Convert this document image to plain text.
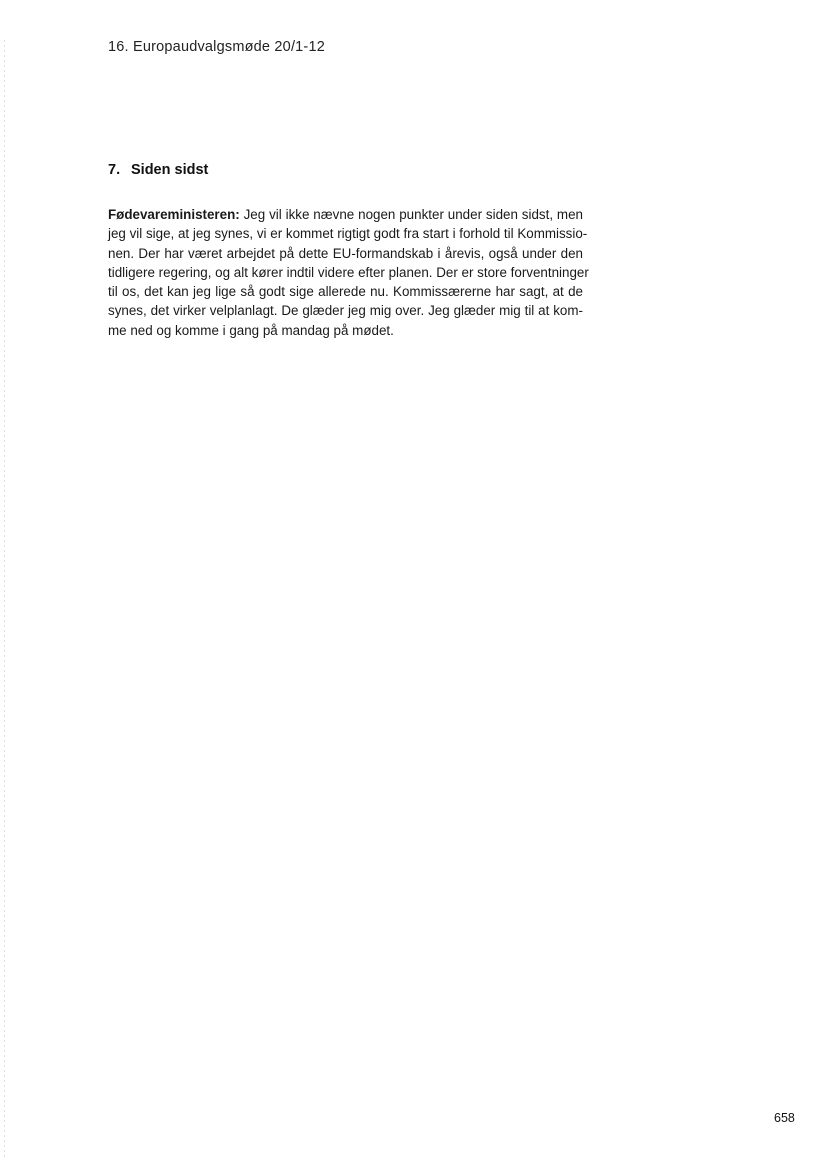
16. Europaudvalgsmøde 20/1-12
7. Siden sidst
Fødevareministeren: Jeg vil ikke nævne nogen punkter under siden sidst, men
jeg vil sige, at jeg synes, vi er kommet rigtigt godt fra start i forhold til Kommissio-
nen. Der har været arbejdet på dette EU-formandskab i årevis, også under den
tidligere regering, og alt kører indtil videre efter planen. Der er store forventninger
til os, det kan jeg lige så godt sige allerede nu. Kommissærerne har sagt, at de
synes, det virker velplanlagt. De glæder jeg mig over. Jeg glæder mig til at kom-
me ned og komme i gang på mandag på mødet.
658
